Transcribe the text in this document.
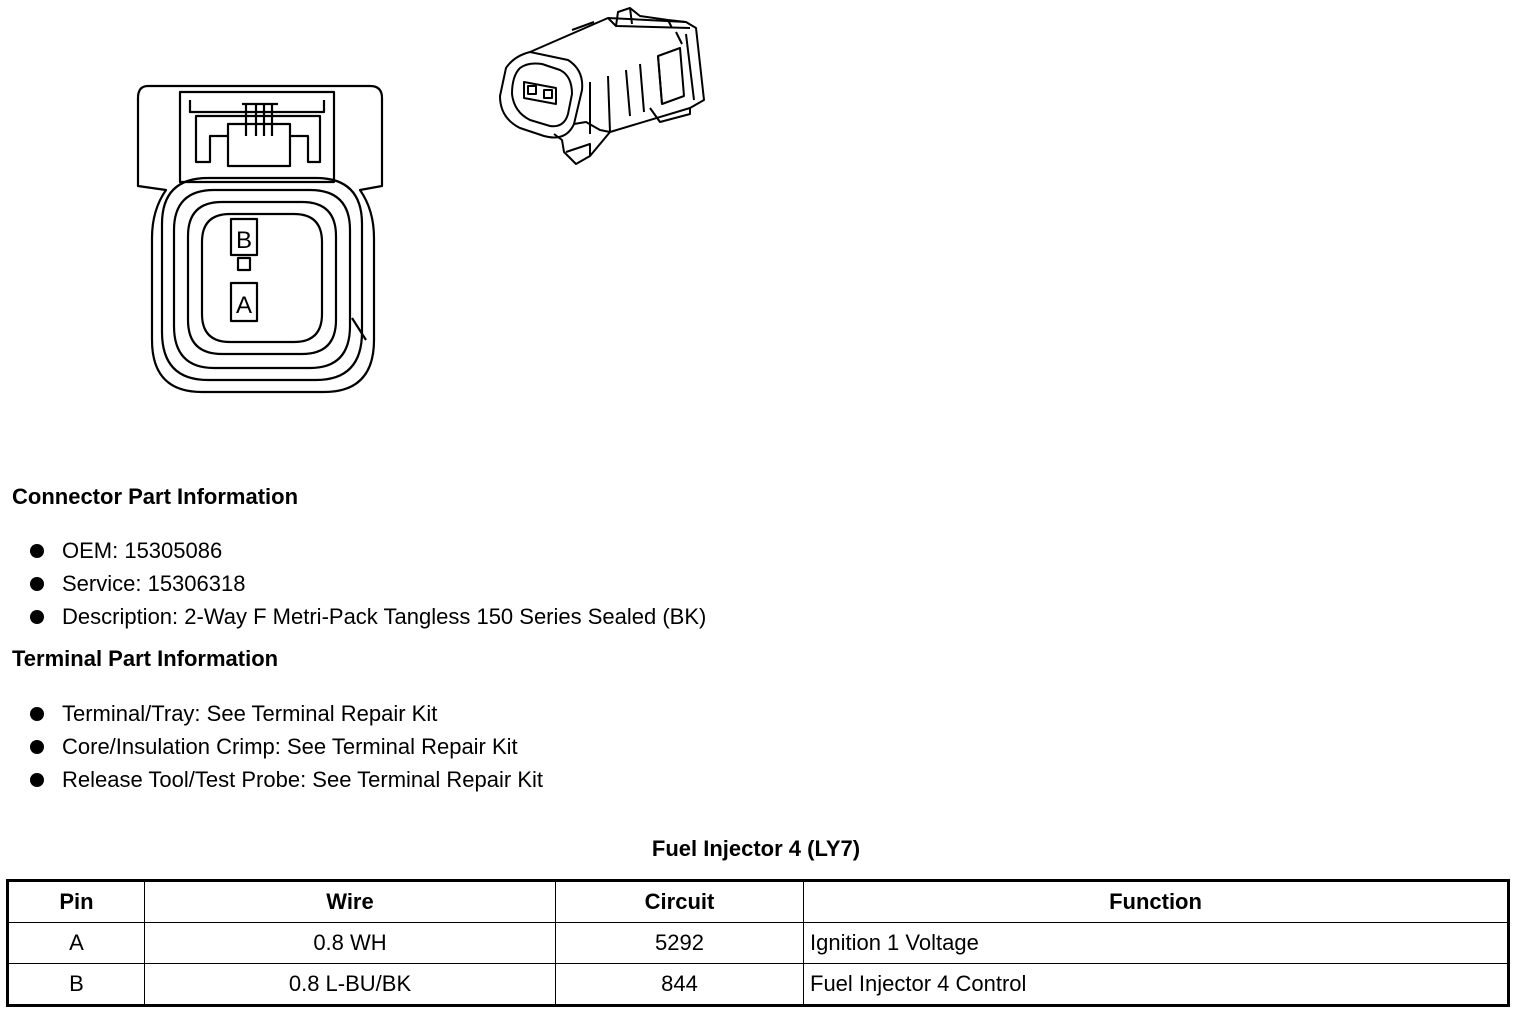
B
A
Connector Part Information
OEM: 15305086
Service: 15306318
Description: 2-Way F Metri-Pack Tangless 150 Series Sealed (BK)
Terminal Part Information
Terminal/Tray: See Terminal Repair Kit
Core/Insulation Crimp: See Terminal Repair Kit
Release Tool/Test Probe: See Terminal Repair Kit
Fuel Injector 4 (LY7)
Pin	Wire	Circuit	Function
A	0.8 WH	5292	Ignition 1 Voltage
B	0.8 L-BU/BK	844	Fuel Injector 4 Control
